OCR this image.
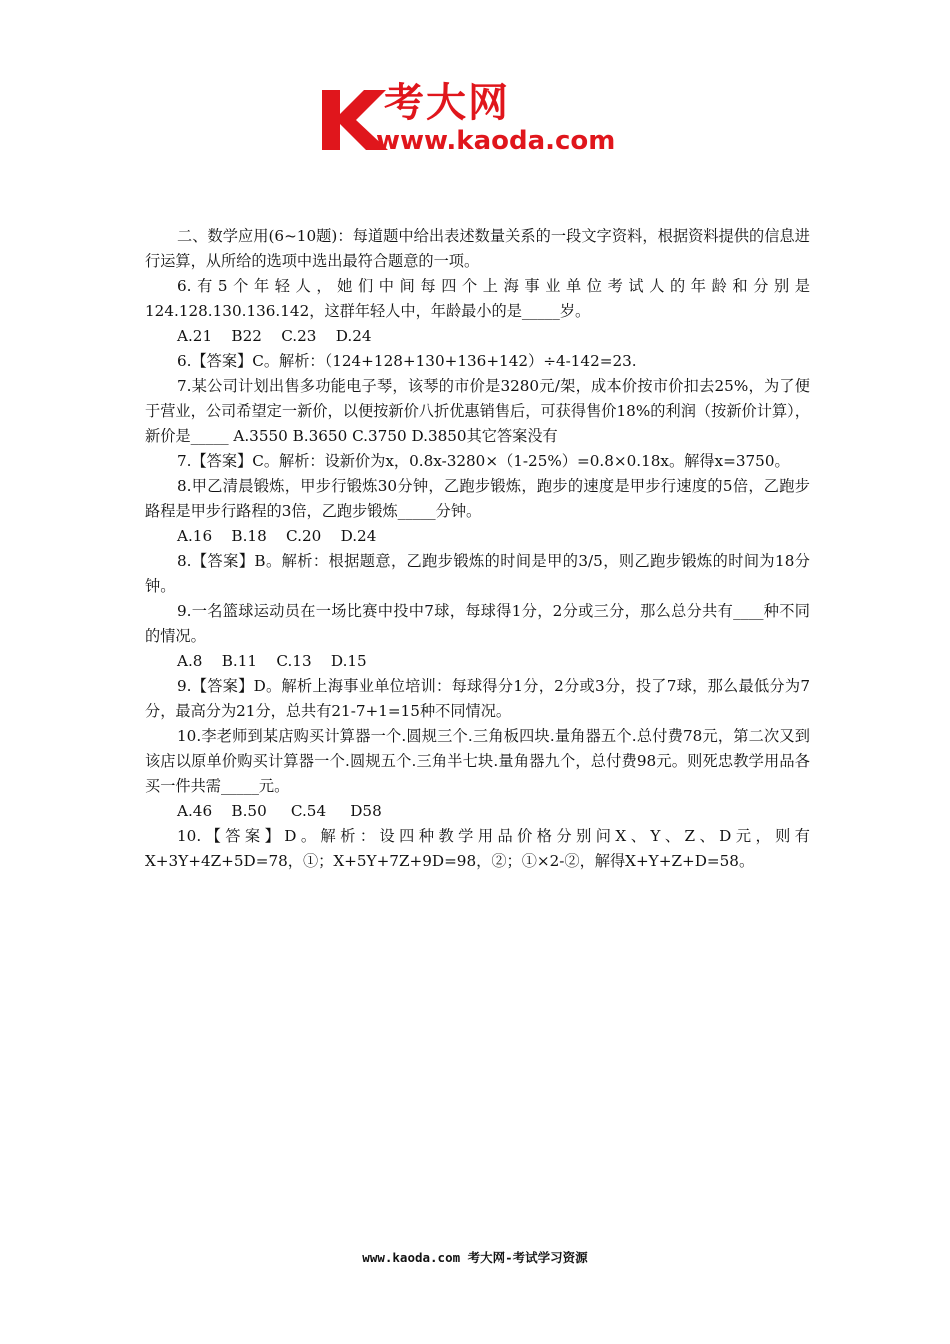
考大网
www.kaoda.com

二、数学应用(6~10题)：每道题中给出表述数量关系的一段文字资料，根据资料提供的信息进行运算，从所给的选项中选出最符合题意的一项。

6.有5个年轻人，她们中间每四个上海事业单位考试人的年龄和分别是124.128.130.136.142，这群年轻人中，年龄最小的是_____岁。

A.21    B22    C.23    D.24

6.【答案】C。解析：（124+128+130+136+142）÷4-142=23.

7.某公司计划出售多功能电子琴，该琴的市价是3280元/架，成本价按市价扣去25%，为了便于营业，公司希望定一新价，以便按新价八折优惠销售后，可获得售价18%的利润（按新价计算），新价是_____ A.3550 B.3650 C.3750 D.3850其它答案没有

7.【答案】C。解析：设新价为x，0.8x-3280×（1-25%）=0.8×0.18x。解得x=3750。

8.甲乙清晨锻炼，甲步行锻炼30分钟，乙跑步锻炼，跑步的速度是甲步行速度的5倍，乙跑步路程是甲步行路程的3倍，乙跑步锻炼_____分钟。

A.16    B.18    C.20    D.24

8.【答案】B。解析：根据题意，乙跑步锻炼的时间是甲的3/5，则乙跑步锻炼的时间为18分钟。

9.一名篮球运动员在一场比赛中投中7球，每球得1分，2分或三分，那么总分共有____种不同的情况。

A.8    B.11    C.13    D.15

9.【答案】D。解析上海事业单位培训：每球得分1分，2分或3分，投了7球，那么最低分为7分，最高分为21分，总共有21-7+1=15种不同情况。

10.李老师到某店购买计算器一个.圆规三个.三角板四块.量角器五个.总付费78元，第二次又到该店以原单价购买计算器一个.圆规五个.三角半七块.量角器九个，总付费98元。则死忠教学用品各买一件共需_____元。

A.46    B.50     C.54     D58

10.【答案】D。解析：设四种教学用品价格分别问X、Y、Z、D元，则有X+3Y+4Z+5D=78，①；X+5Y+7Z+9D=98，②；①×2-②，解得X+Y+Z+D=58。

www.kaoda.com 考大网-考试学习资源
